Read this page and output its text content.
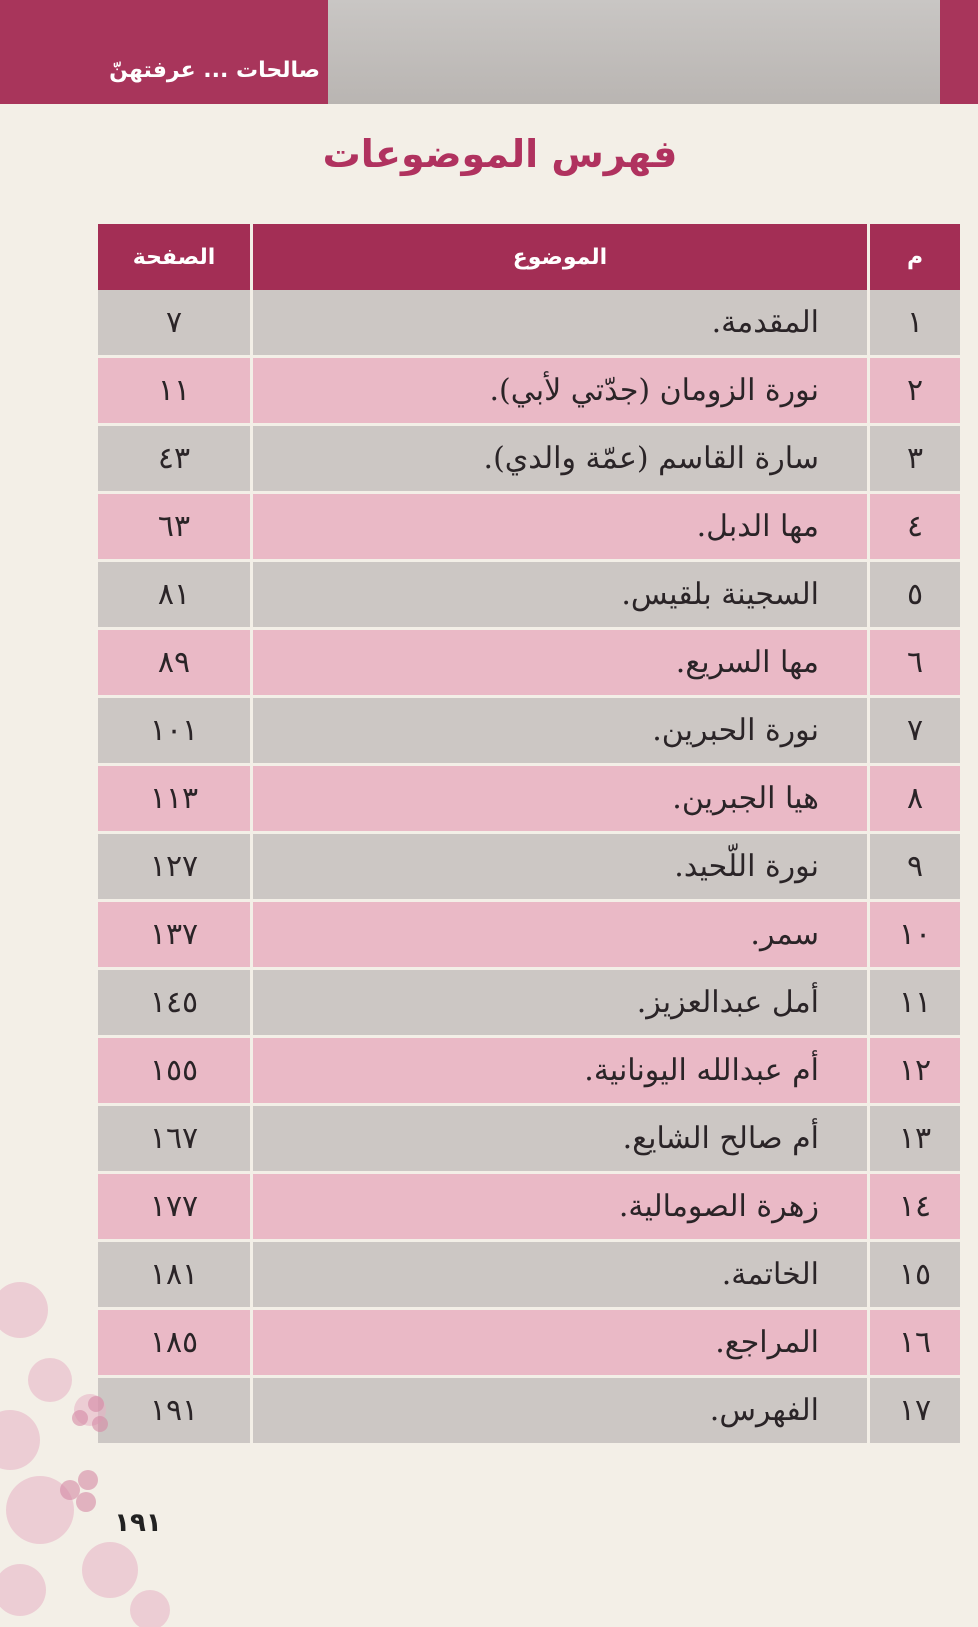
صالحات ... عرفتهنّ
فهرس الموضوعات
م	الموضوع	الصفحة
١	المقدمة.	٧
٢	نورة الزومان (جدّتي لأبي).	١١
٣	سارة القاسم (عمّة والدي).	٤٣
٤	مها الدبل.	٦٣
٥	السجينة بلقيس.	٨١
٦	مها السريع.	٨٩
٧	نورة الحبرين.	١٠١
٨	هيا الجبرين.	١١٣
٩	نورة اللّحيد.	١٢٧
١٠	سمر.	١٣٧
١١	أمل عبدالعزيز.	١٤٥
١٢	أم عبدالله اليونانية.	١٥٥
١٣	أم صالح الشايع.	١٦٧
١٤	زهرة الصومالية.	١٧٧
١٥	الخاتمة.	١٨١
١٦	المراجع.	١٨٥
١٧	الفهرس.	١٩١
١٩١
